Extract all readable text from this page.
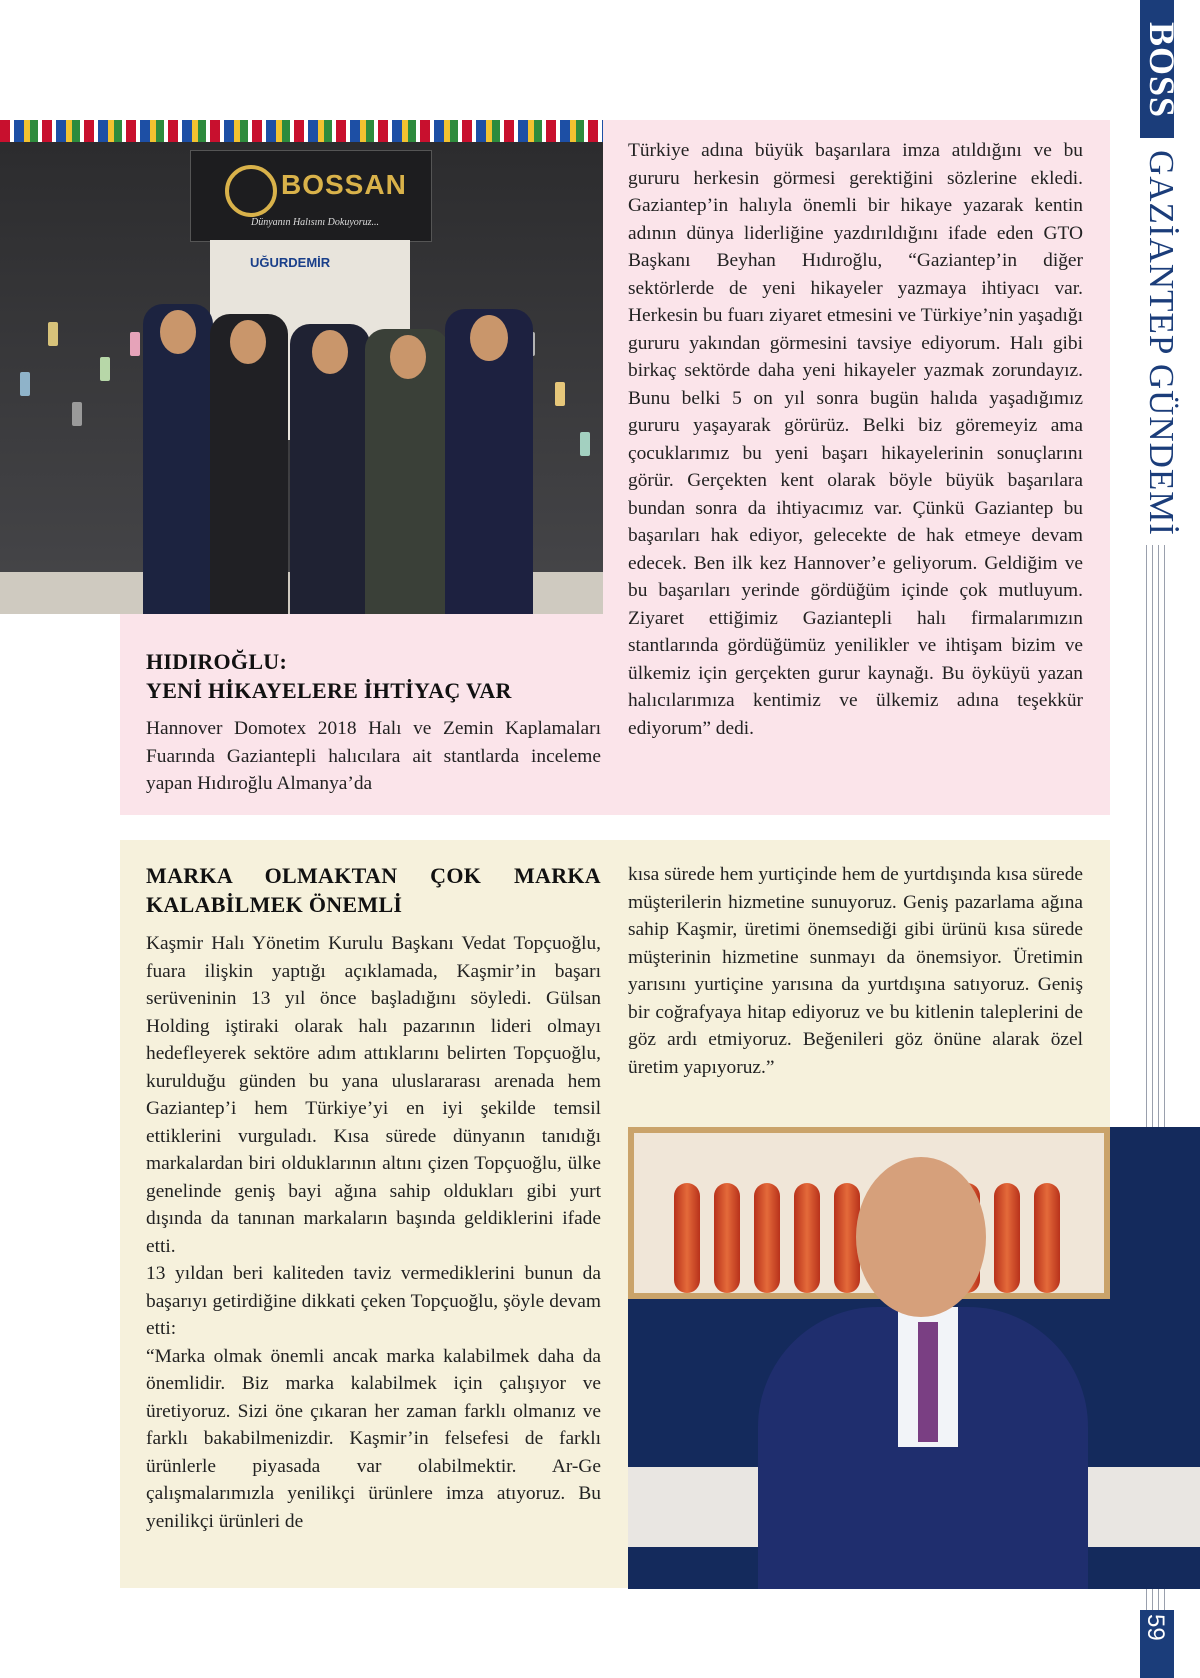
BOSS
GAZİANTEP GÜNDEMİ
59
BOSSAN
Dünyanın Halısını Dokuyoruz...
UĞURDEMİR
HIDIROĞLU:
YENİ HİKAYELERE İHTİYAÇ VAR
Hannover Domotex 2018 Halı ve Zemin Kaplamaları Fuarında Gaziantepli halıcılara ait stantlarda inceleme yapan Hıdıroğlu Almanya’da
Türkiye adına büyük başarılara imza atıldığını ve bu gururu herkesin görmesi gerektiğini sözlerine ekledi. Gaziantep’in halıyla önemli bir hikaye yazarak kentin adının dünya liderliğine yazdırıldığını ifade eden GTO Başkanı Beyhan Hıdıroğlu, “Gaziantep’in diğer sektörlerde de yeni hikayeler yazmaya ihtiyacı var. Herkesin bu fuarı ziyaret etmesini ve Türkiye’nin yaşadığı gururu yakından görmesini tavsiye ediyorum. Halı gibi birkaç sektörde daha yeni hikayeler yazmak zorundayız. Bunu belki 5 on yıl sonra bugün halıda yaşadığımız gururu yaşayarak görürüz. Belki biz göremeyiz ama çocuklarımız bu yeni başarı hikayelerinin sonuçlarını görür. Gerçekten kent olarak böyle büyük başarılara bundan sonra da ihtiyacımız var. Çünkü Gaziantep bu başarıları hak ediyor, gelecekte de hak etmeye devam edecek. Ben ilk kez Hannover’e geliyorum. Geldiğim ve bu başarıları yerinde gördüğüm içinde çok mutluyum. Ziyaret ettiğimiz Gaziantepli halı firmalarımızın stantlarında gördüğümüz yenilikler ve ihtişam bizim ve ülkemiz için gerçekten gurur kaynağı. Bu öyküyü yazan halıcılarımıza kentimiz ve ülkemiz adına teşekkür ediyorum” dedi.
MARKA OLMAKTAN ÇOK MARKA
KALABİLMEK ÖNEMLİ

Kaşmir Halı Yönetim Kurulu Başkanı Vedat Topçuoğlu, fuara ilişkin yaptığı açıklamada, Kaşmir’in başarı serüveninin 13 yıl önce başladığını söyledi. Gülsan Holding iştiraki olarak halı pazarının lideri olmayı hedefleyerek sektöre adım attıklarını belirten Topçuoğlu, kurulduğu günden bu yana uluslararası arenada hem Gaziantep’i hem Türkiye’yi en iyi şekilde temsil ettiklerini vurguladı. Kısa sürede dünyanın tanıdığı markalardan biri olduklarının altını çizen Topçuoğlu, ülke genelinde geniş bayi ağına sahip oldukları gibi yurt dışında da tanınan markaların başında geldiklerini ifade etti.

13 yıldan beri kaliteden taviz vermediklerini bunun da başarıyı getirdiğine dikkati çeken Topçuoğlu, şöyle devam etti:

“Marka olmak önemli ancak marka kalabilmek daha da önemlidir. Biz marka kalabilmek için çalışıyor ve üretiyoruz. Sizi öne çıkaran her zaman farklı olmanız ve farklı bakabilmenizdir. Kaşmir’in felsefesi de farklı ürünlerle piyasada var olabilmektir. Ar-Ge çalışmalarımızla yenilikçi ürünlere imza atıyoruz. Bu yenilikçi ürünleri de

kısa sürede hem yurtiçinde hem de yurtdışında kısa sürede müşterilerin hizmetine sunuyoruz. Geniş pazarlama ağına sahip Kaşmir, üretimi önemsediği gibi ürünü kısa sürede müşterinin hizmetine sunmayı da önemsiyor. Üretimin yarısını yurtiçine yarısına da yurtdışına satıyoruz. Geniş bir coğrafyaya hitap ediyoruz ve bu kitlenin taleplerini de göz ardı etmiyoruz. Beğenileri göz önüne alarak özel üretim yapıyoruz.”
